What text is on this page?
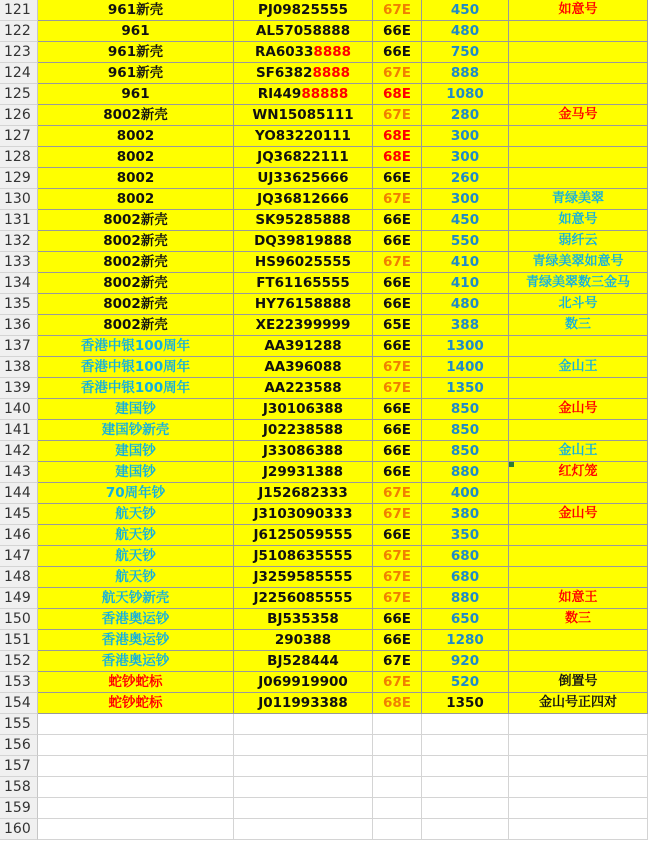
121	961新壳	PJ09825555	67E	450	如意号
122	961	AL57058888	66E	480
123	961新壳	RA60338888	66E	750
124	961新壳	SF63828888	67E	888
125	961	RI44988888	68E	1080
126	8002新壳	WN15085111	67E	280	金马号
127	8002	YO83220111	68E	300
128	8002	JQ36822111	68E	300
129	8002	UJ33625666	66E	260
130	8002	JQ36812666	67E	300	青绿美翠
131	8002新壳	SK95285888	66E	450	如意号
132	8002新壳	DQ39819888	66E	550	弱纤云
133	8002新壳	HS96025555	67E	410	青绿美翠如意号
134	8002新壳	FT61165555	66E	410	青绿美翠数三金马
135	8002新壳	HY76158888	66E	480	北斗号
136	8002新壳	XE22399999	65E	388	数三
137	香港中银100周年	AA391288	66E	1300
138	香港中银100周年	AA396088	67E	1400	金山王
139	香港中银100周年	AA223588	67E	1350
140	建国钞	J30106388	66E	850	金山号
141	建国钞新壳	J02238588	66E	850
142	建国钞	J33086388	66E	850	金山王
143	建国钞	J29931388	66E	880	红灯笼
144	70周年钞	J152682333	67E	400
145	航天钞	J3103090333	67E	380	金山号
146	航天钞	J6125059555	66E	350
147	航天钞	J5108635555	67E	680
148	航天钞	J3259585555	67E	680
149	航天钞新壳	J2256085555	67E	880	如意王
150	香港奥运钞	BJ535358	66E	650	数三
151	香港奥运钞	290388	66E	1280
152	香港奥运钞	BJ528444	67E	920
153	蛇钞蛇标	J069919900	67E	520	倒置号
154	蛇钞蛇标	J011993388	68E	1350	金山号正四对
155
156
157
158
159
160
